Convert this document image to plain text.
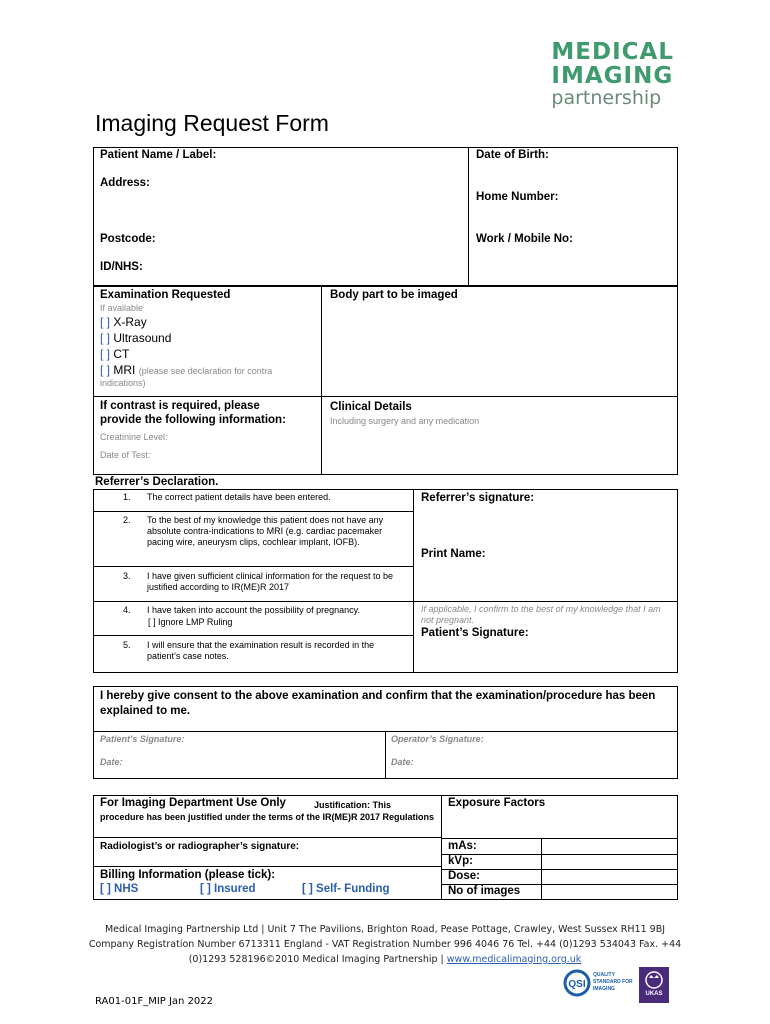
MEDICAL
IMAGING
partnership
Imaging Request Form
Patient Name / Label:	Date of Birth:
Address:
Home Number:
Postcode:	Work / Mobile No:
ID/NHS:
Examination Requested
If available
[ ] X-Ray
[ ] Ultrasound
[ ] CT
[ ] MRI (please see declaration for contra
indications)
Body part to be imaged
If contrast is required, please
provide the following information:
Creatinine Level:
Date of Test:
Clinical Details
Including surgery and any medication
Referrer’s Declaration.
1. The correct patient details have been entered.
2. To the best of my knowledge this patient does not have any absolute contra-indications to MRI (e.g. cardiac pacemaker pacing wire, aneurysm clips, cochlear implant, IOFB).
3. I have given sufficient clinical information for the request to be justified according to IR(ME)R 2017
4. I have taken into account the possibility of pregnancy.
[ ] Ignore LMP Ruling
5. I will ensure that the examination result is recorded in the patient’s case notes.
Referrer’s signature:
Print Name:
If applicable, I confirm to the best of my knowledge that I am not pregnant.
Patient’s Signature:
I hereby give consent to the above examination and confirm that the examination/procedure has been explained to me.
Patient’s Signature:	Operator’s Signature:
Date:	Date:
For Imaging Department Use Only	Justification: This procedure has been justified under the terms of the IR(ME)R 2017 Regulations
Radiologist’s or radiographer’s signature:
Billing Information (please tick):
[ ] NHS	[ ] Insured	[ ] Self- Funding
Exposure Factors
mAs:
kVp:
Dose:
No of images
Medical Imaging Partnership Ltd | Unit 7 The Pavilions, Brighton Road, Pease Pottage, Crawley, West Sussex RH11 9BJ
Company Registration Number 6713311 England - VAT Registration Number 996 4046 76 Tel. +44 (0)1293 534043 Fax. +44
(0)1293 528196©2010 Medical Imaging Partnership | www.medicalimaging.org.uk
RA01-01F_MIP Jan 2022
QSI
QUALITY STANDARD FOR IMAGING
UKAS
